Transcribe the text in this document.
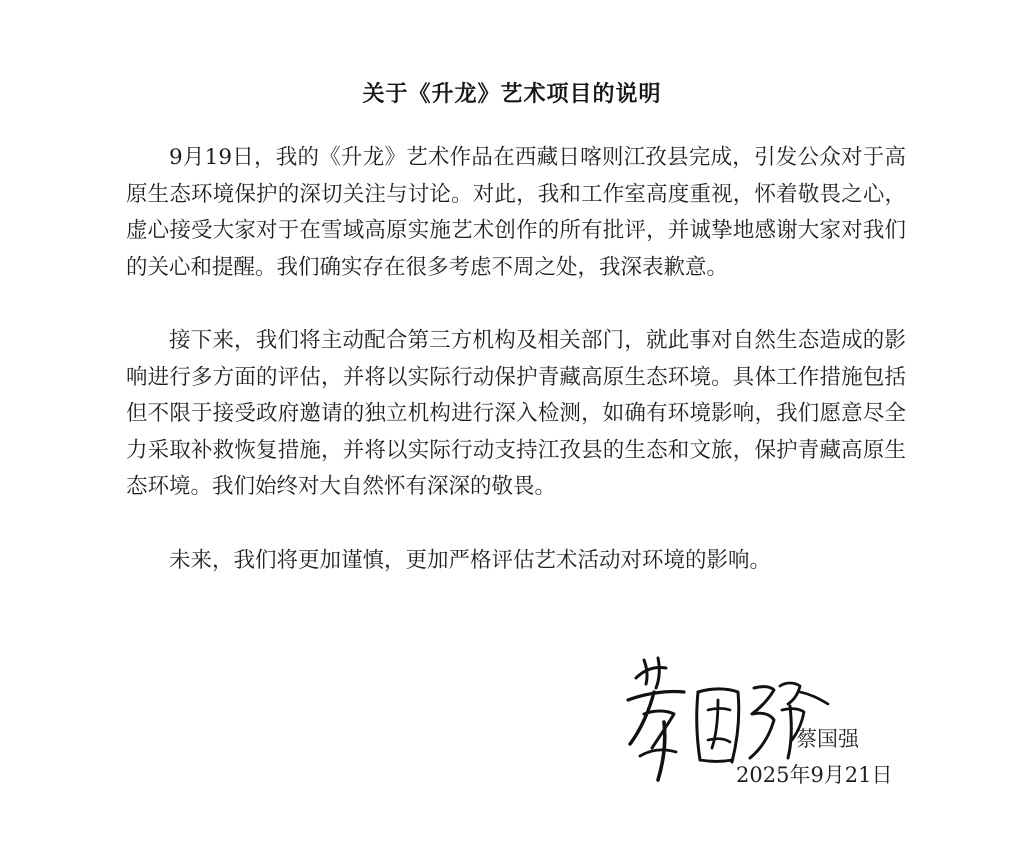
关于《升龙》艺术项目的说明

9月19日，我的《升龙》艺术作品在西藏日喀则江孜县完成，引发公众对于高原生态环境保护的深切关注与讨论。对此，我和工作室高度重视，怀着敬畏之心，虚心接受大家对于在雪域高原实施艺术创作的所有批评，并诚挚地感谢大家对我们的关心和提醒。我们确实存在很多考虑不周之处，我深表歉意。

接下来，我们将主动配合第三方机构及相关部门，就此事对自然生态造成的影响进行多方面的评估，并将以实际行动保护青藏高原生态环境。具体工作措施包括但不限于接受政府邀请的独立机构进行深入检测，如确有环境影响，我们愿意尽全力采取补救恢复措施，并将以实际行动支持江孜县的生态和文旅，保护青藏高原生态环境。我们始终对大自然怀有深深的敬畏。

未来，我们将更加谨慎，更加严格评估艺术活动对环境的影响。

蔡国强
2025年9月21日
